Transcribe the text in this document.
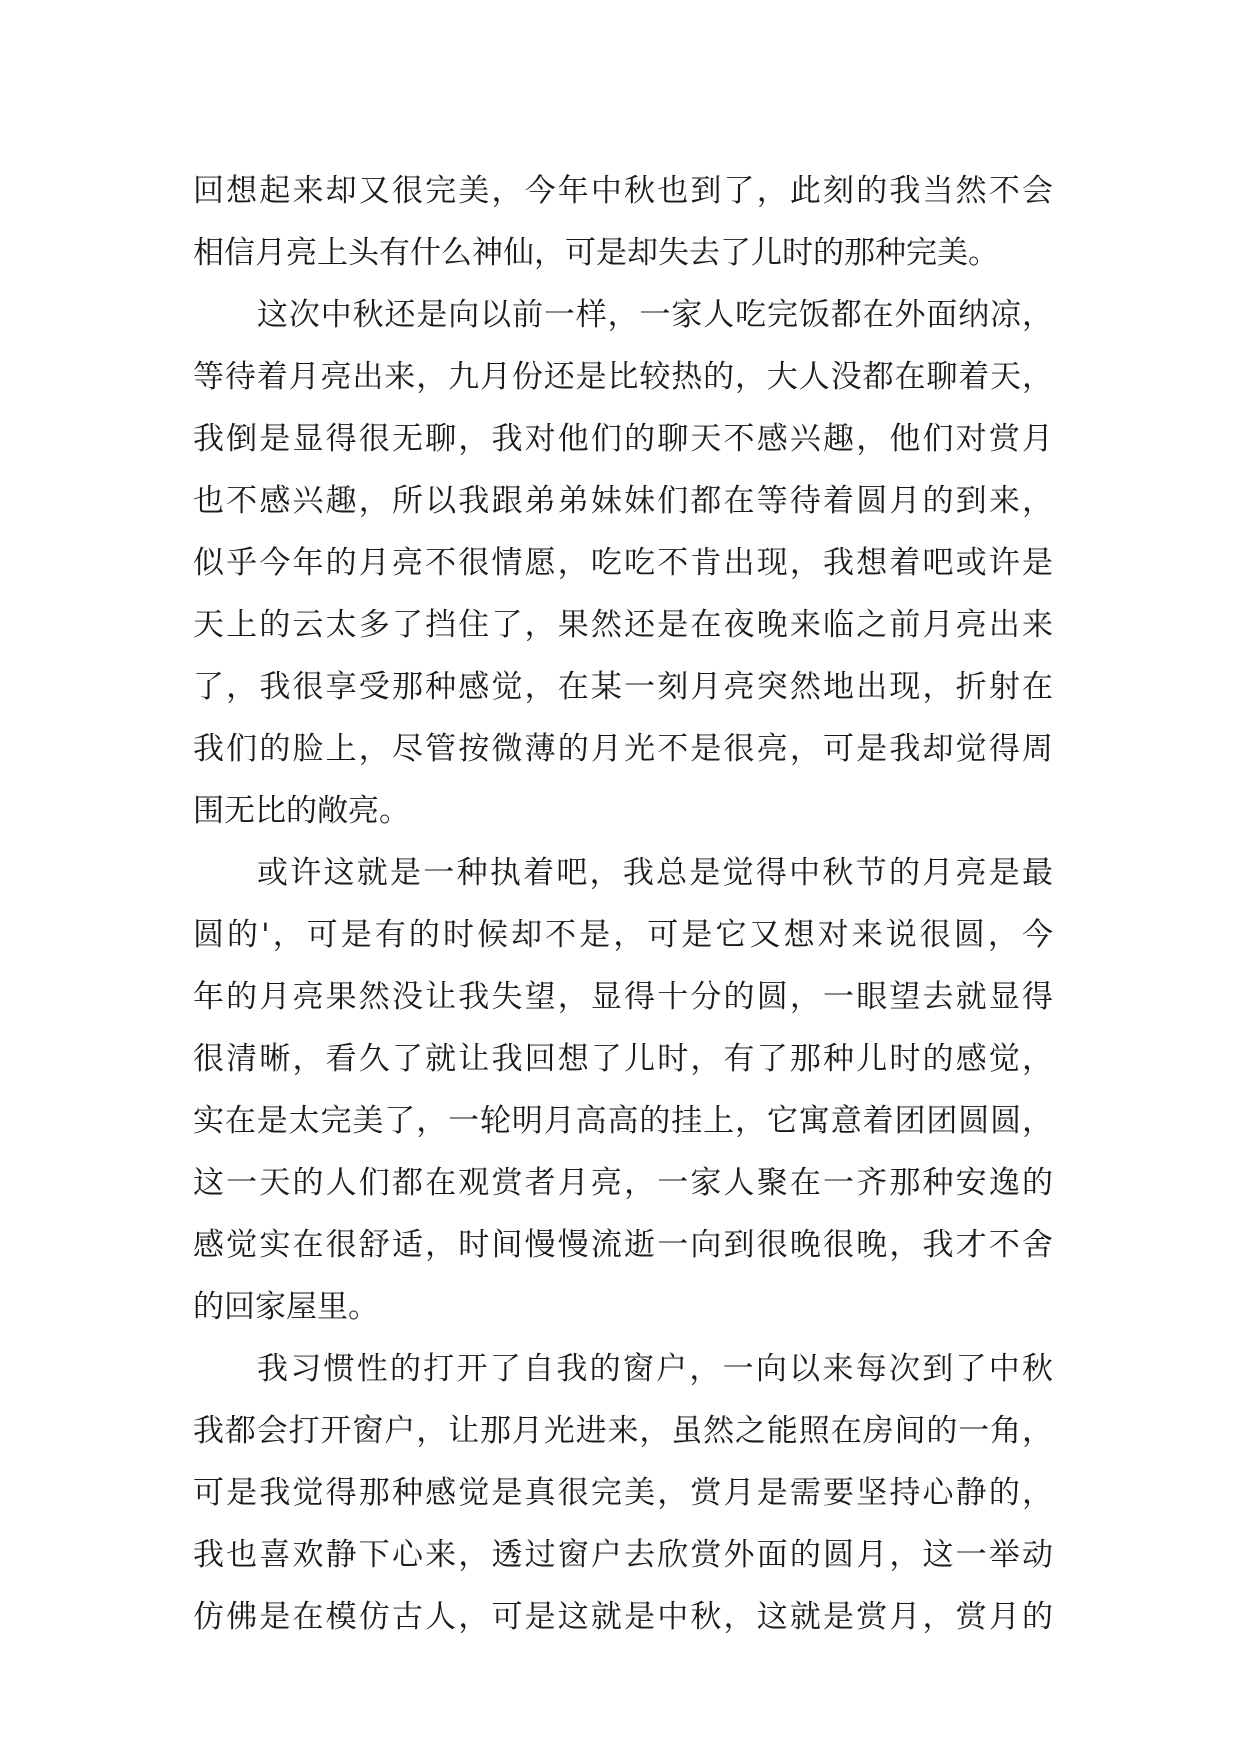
回想起来却又很完美，今年中秋也到了，此刻的我当然不会
相信月亮上头有什么神仙，可是却失去了儿时的那种完美。
这次中秋还是向以前一样，一家人吃完饭都在外面纳凉，
等待着月亮出来，九月份还是比较热的，大人没都在聊着天，
我倒是显得很无聊，我对他们的聊天不感兴趣，他们对赏月
也不感兴趣，所以我跟弟弟妹妹们都在等待着圆月的到来，
似乎今年的月亮不很情愿，吃吃不肯出现，我想着吧或许是
天上的云太多了挡住了，果然还是在夜晚来临之前月亮出来
了，我很享受那种感觉，在某一刻月亮突然地出现，折射在
我们的脸上，尽管按微薄的月光不是很亮，可是我却觉得周
围无比的敞亮。
或许这就是一种执着吧，我总是觉得中秋节的月亮是最
圆的'，可是有的时候却不是，可是它又想对来说很圆，今
年的月亮果然没让我失望，显得十分的圆，一眼望去就显得
很清晰，看久了就让我回想了儿时，有了那种儿时的感觉，
实在是太完美了，一轮明月高高的挂上，它寓意着团团圆圆，
这一天的人们都在观赏者月亮，一家人聚在一齐那种安逸的
感觉实在很舒适，时间慢慢流逝一向到很晚很晚，我才不舍
的回家屋里。
我习惯性的打开了自我的窗户，一向以来每次到了中秋
我都会打开窗户，让那月光进来，虽然之能照在房间的一角，
可是我觉得那种感觉是真很完美，赏月是需要坚持心静的，
我也喜欢静下心来，透过窗户去欣赏外面的圆月，这一举动
仿佛是在模仿古人，可是这就是中秋，这就是赏月，赏月的
